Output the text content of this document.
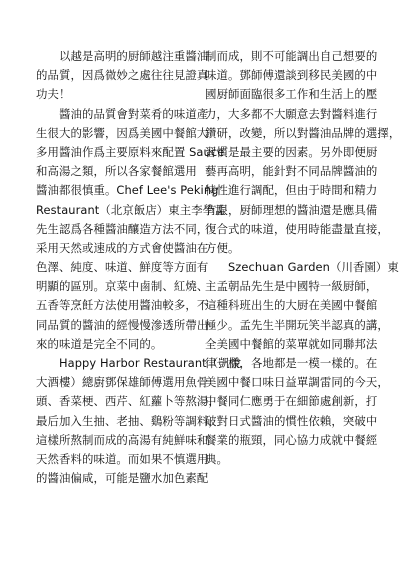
　　以越是高明的厨師越注重醬油
的品質，因爲微妙之處往往見證真
功夫！
　　醬油的品質會對菜肴的味道產
生很大的影響，因爲美國中餐館大
多用醬油作爲主要原料來配置 Sauce
和高湯之類，所以各家餐館選用
醬油都很慎重。Chef Lee's Peking
Restaurant（北京飯店）東主李學孟
先生認爲各種醬油釀造方法不同，
采用天然或速成的方式會使醬油在
色澤、純度、味道、鮮度等方面有
明顯的區別。京菜中鹵制、紅燒、
五香等烹飪方法使用醬油較多，不
同品質的醬油的經慢慢滲透所帶出
來的味道是完全不同的。
　　Happy Harbor Restaurant（凱悅
大酒樓）總廚鄧保雄師傅選用魚骨
頭、香菜梗、西芹、紅蘿卜等熬湯，
最后加入生抽、老抽、鷄粉等調料，
這樣所熬制而成的高湯有純鮮味和
天然香料的味道。而如果不慎選用
的醬油偏咸，可能是鹽水加色素配
制而成，則不可能調出自己想要的
味道。鄧師傅還談到移民美國的中
國厨師面臨很多工作和生活上的壓
力，大多都不大願意去對醬料進行
鑽研，改變，所以對醬油品牌的選擇，
習慣是最主要的因素。另外即便厨
藝再高明，能針對不同品牌醬油的
特性進行調配，但由于時間和精力
有限，厨師理想的醬油還是應具備
復合式的味道，使用時能盡量直接，
方便。
　　Szechuan Garden（川香園）東
主孟朝品先生是中國特一級厨師，
這種科班出生的大厨在美國中餐館
極少。孟先生半開玩笑半認真的講，
全美國中餐館的菜單就如同聯邦法
律一樣，各地都是一模一樣的。在
美國中餐口味日益單調雷同的今天，
中餐同仁應勇于在細節處創新，打
破對日式醬油的慣性依賴，突破中
餐業的瓶頸，同心協力成就中餐經
典。
